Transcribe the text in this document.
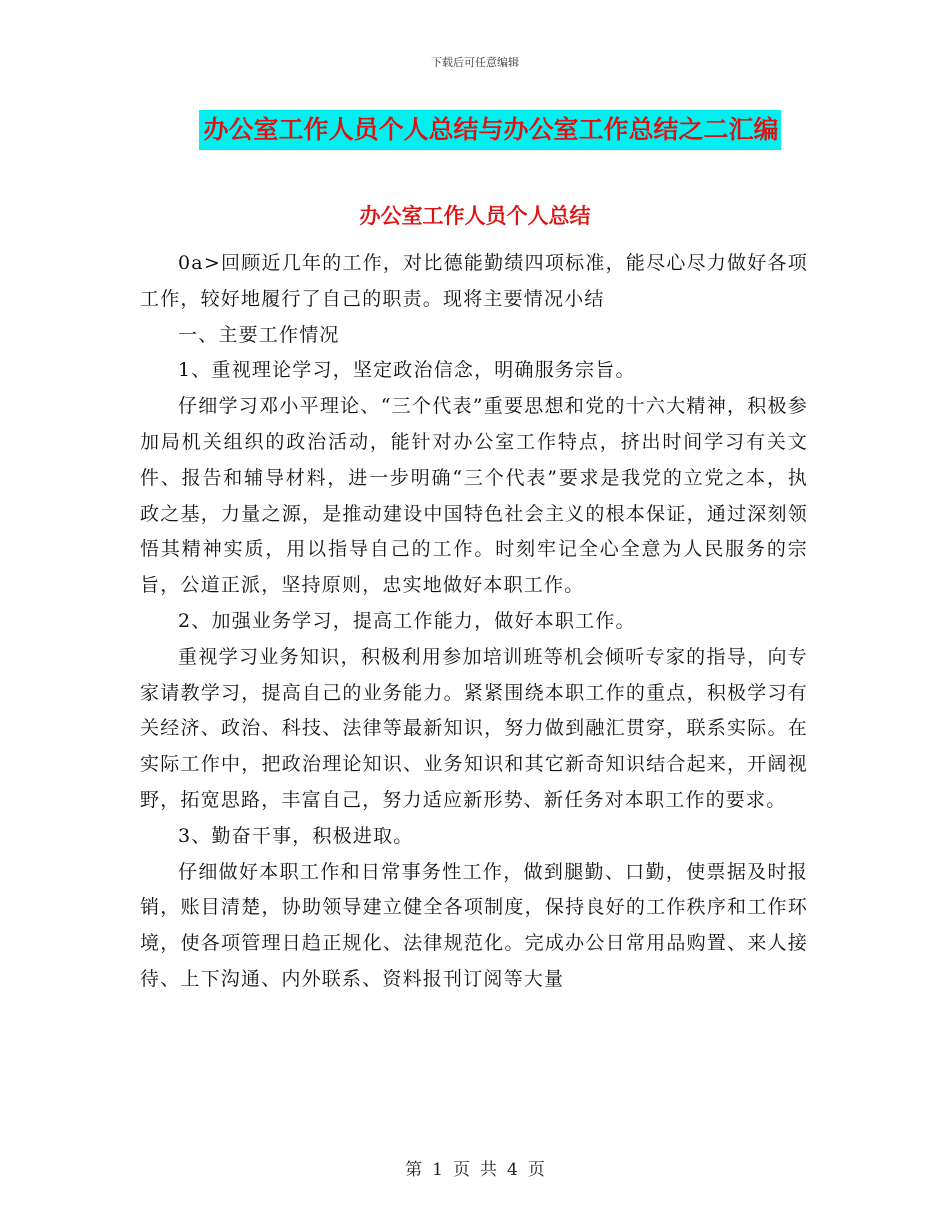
下载后可任意编辑
办公室工作人员个人总结与办公室工作总结之二汇编
办公室工作人员个人总结

0a>回顾近几年的工作，对比德能勤绩四项标准，能尽心尽力做好各项工作，较好地履行了自己的职责。现将主要情况小结

一、主要工作情况

1、重视理论学习，坚定政治信念，明确服务宗旨。

仔细学习邓小平理论、“三个代表”重要思想和党的十六大精神，积极参加局机关组织的政治活动，能针对办公室工作特点，挤出时间学习有关文件、报告和辅导材料，进一步明确“三个代表”要求是我党的立党之本，执政之基，力量之源，是推动建设中国特色社会主义的根本保证，通过深刻领悟其精神实质，用以指导自己的工作。时刻牢记全心全意为人民服务的宗旨，公道正派，坚持原则，忠实地做好本职工作。

2、加强业务学习，提高工作能力，做好本职工作。

重视学习业务知识，积极利用参加培训班等机会倾听专家的指导，向专家请教学习，提高自己的业务能力。紧紧围绕本职工作的重点，积极学习有关经济、政治、科技、法律等最新知识，努力做到融汇贯穿，联系实际。在实际工作中，把政治理论知识、业务知识和其它新奇知识结合起来，开阔视野，拓宽思路，丰富自己，努力适应新形势、新任务对本职工作的要求。

3、勤奋干事，积极进取。

仔细做好本职工作和日常事务性工作，做到腿勤、口勤，使票据及时报销，账目清楚，协助领导建立健全各项制度，保持良好的工作秩序和工作环境，使各项管理日趋正规化、法律规范化。完成办公日常用品购置、来人接待、上下沟通、内外联系、资料报刊订阅等大量

第 1 页 共 4 页
